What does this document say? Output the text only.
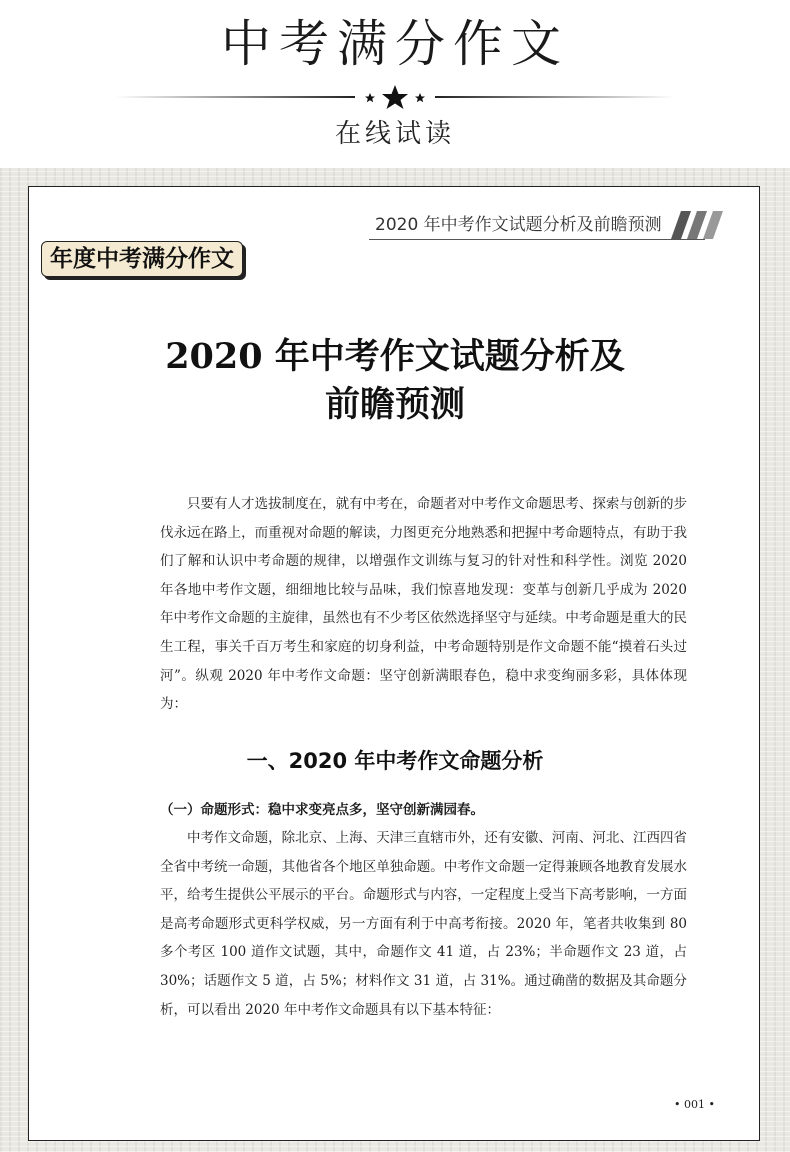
中考满分作文
在线试读
2020 年中考作文试题分析及前瞻预测
年度中考满分作文
2020 年中考作文试题分析及
前瞻预测

只要有人才选拔制度在，就有中考在，命题者对中考作文命题思考、探索与创新的步伐永远在路上，而重视对命题的解读，力图更充分地熟悉和把握中考命题特点，有助于我们了解和认识中考命题的规律，以增强作文训练与复习的针对性和科学性。浏览 2020 年各地中考作文题，细细地比较与品味，我们惊喜地发现：变革与创新几乎成为 2020 年中考作文命题的主旋律，虽然也有不少考区依然选择坚守与延续。中考命题是重大的民生工程，事关千百万考生和家庭的切身利益，中考命题特别是作文命题不能“摸着石头过河”。纵观 2020 年中考作文命题：坚守创新满眼春色，稳中求变绚丽多彩，具体体现为：

一、2020 年中考作文命题分析
（一）命题形式：稳中求变亮点多，坚守创新满园春。

中考作文命题，除北京、上海、天津三直辖市外，还有安徽、河南、河北、江西四省全省中考统一命题，其他省各个地区单独命题。中考作文命题一定得兼顾各地教育发展水平，给考生提供公平展示的平台。命题形式与内容，一定程度上受当下高考影响，一方面是高考命题形式更科学权威，另一方面有利于中高考衔接。2020 年，笔者共收集到 80 多个考区 100 道作文试题，其中，命题作文 41 道，占 23%；半命题作文 23 道，占 30%；话题作文 5 道，占 5%；材料作文 31 道，占 31%。通过确凿的数据及其命题分析，可以看出 2020 年中考作文命题具有以下基本特征：

• 001 •
